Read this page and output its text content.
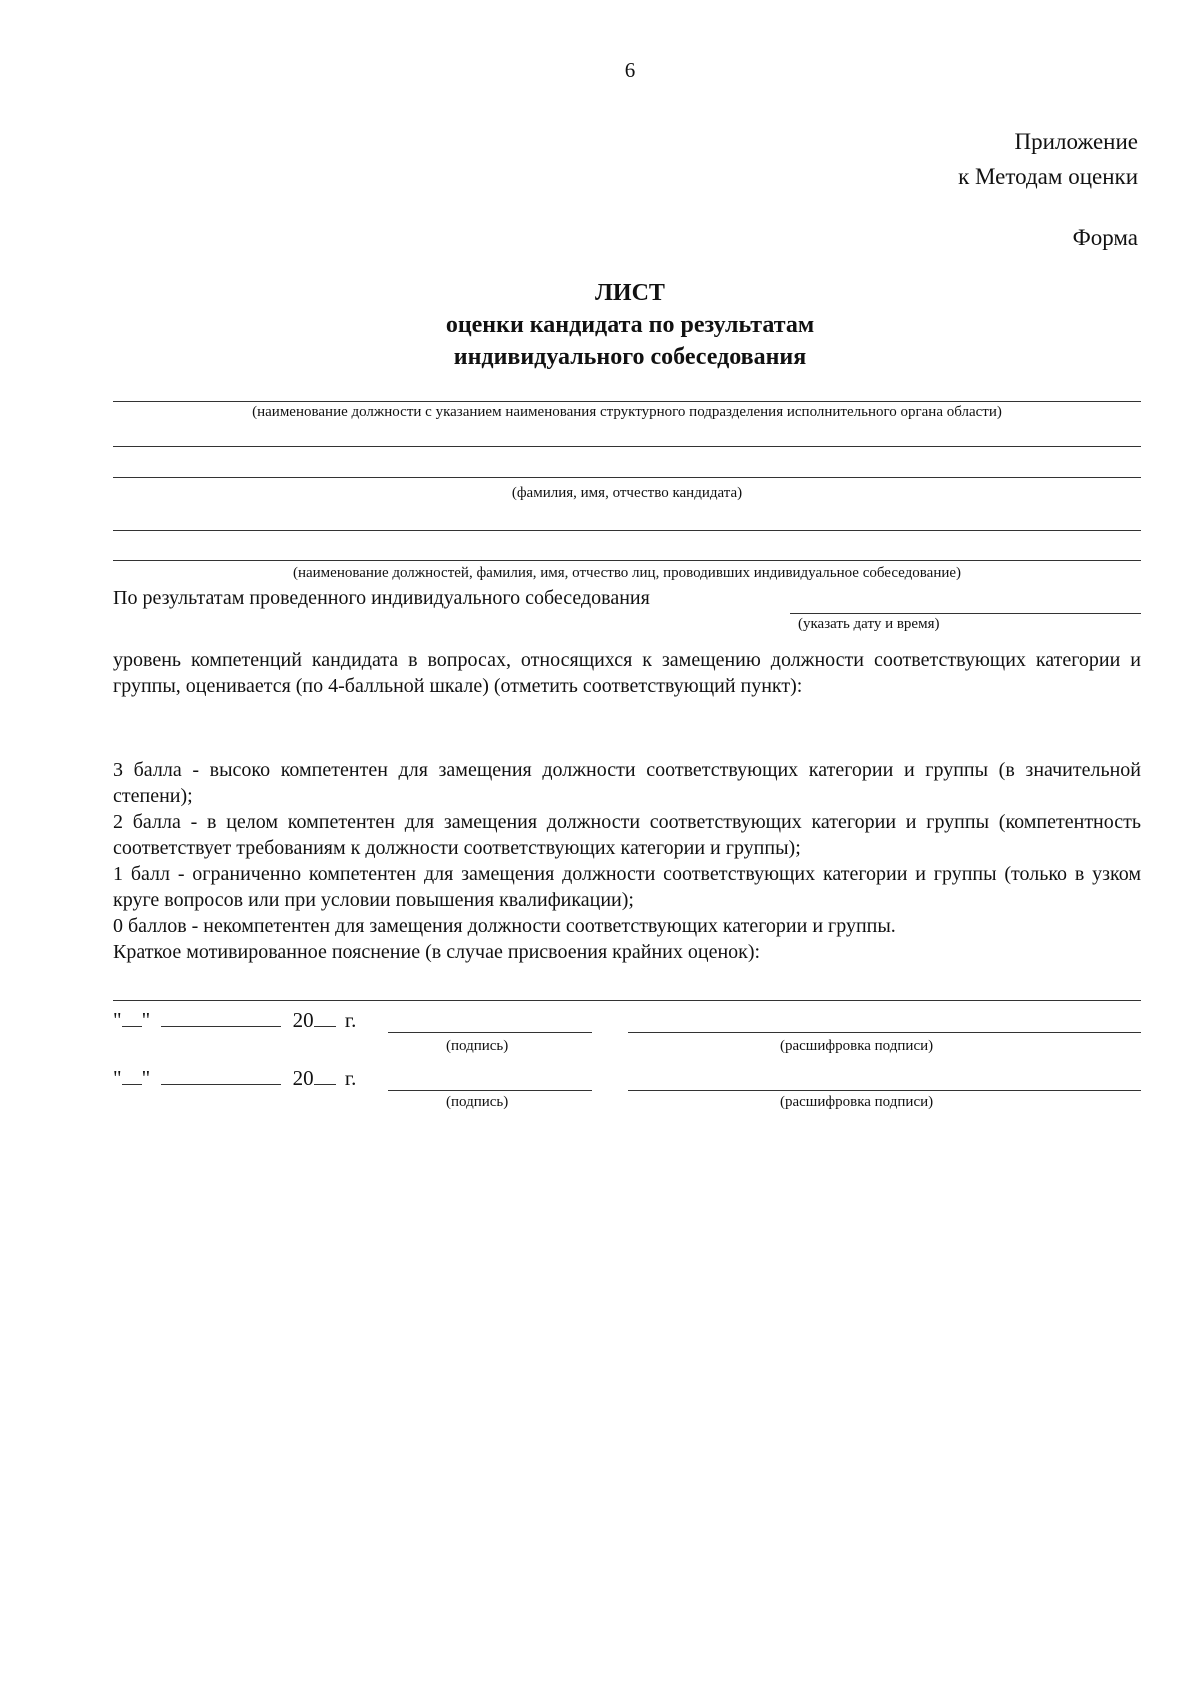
6
Приложение
к Методам оценки
Форма
ЛИСТ
оценки кандидата по результатам
индивидуального собеседования
(наименование должности с указанием наименования структурного подразделения исполнительного органа области)
(фамилия, имя, отчество кандидата)
(наименование должностей, фамилия, имя, отчество лиц, проводивших индивидуальное собеседование)
По результатам проведенного индивидуального собеседования
(указать дату и время)
уровень компетенций кандидата в вопросах, относящихся к замещению должности соответствующих категории и группы, оценивается (по 4-балльной шкале) (отметить соответствующий пункт):
3 балла - высоко компетентен для замещения должности соответствующих категории и группы (в значительной степени);
2 балла - в целом компетентен для замещения должности соответствующих категории и группы (компетентность соответствует требованиям к должности соответствующих категории и группы);
1 балл - ограниченно компетентен для замещения должности соответствующих категории и группы (только в узком круге вопросов или при условии повышения квалификации);
0 баллов - некомпетентен для замещения должности соответствующих категории и группы.
Краткое мотивированное пояснение (в случае присвоения крайних оценок):
" "	20 г.
(подпись)	(расшифровка подписи)
" "	20 г.
(подпись)	(расшифровка подписи)
